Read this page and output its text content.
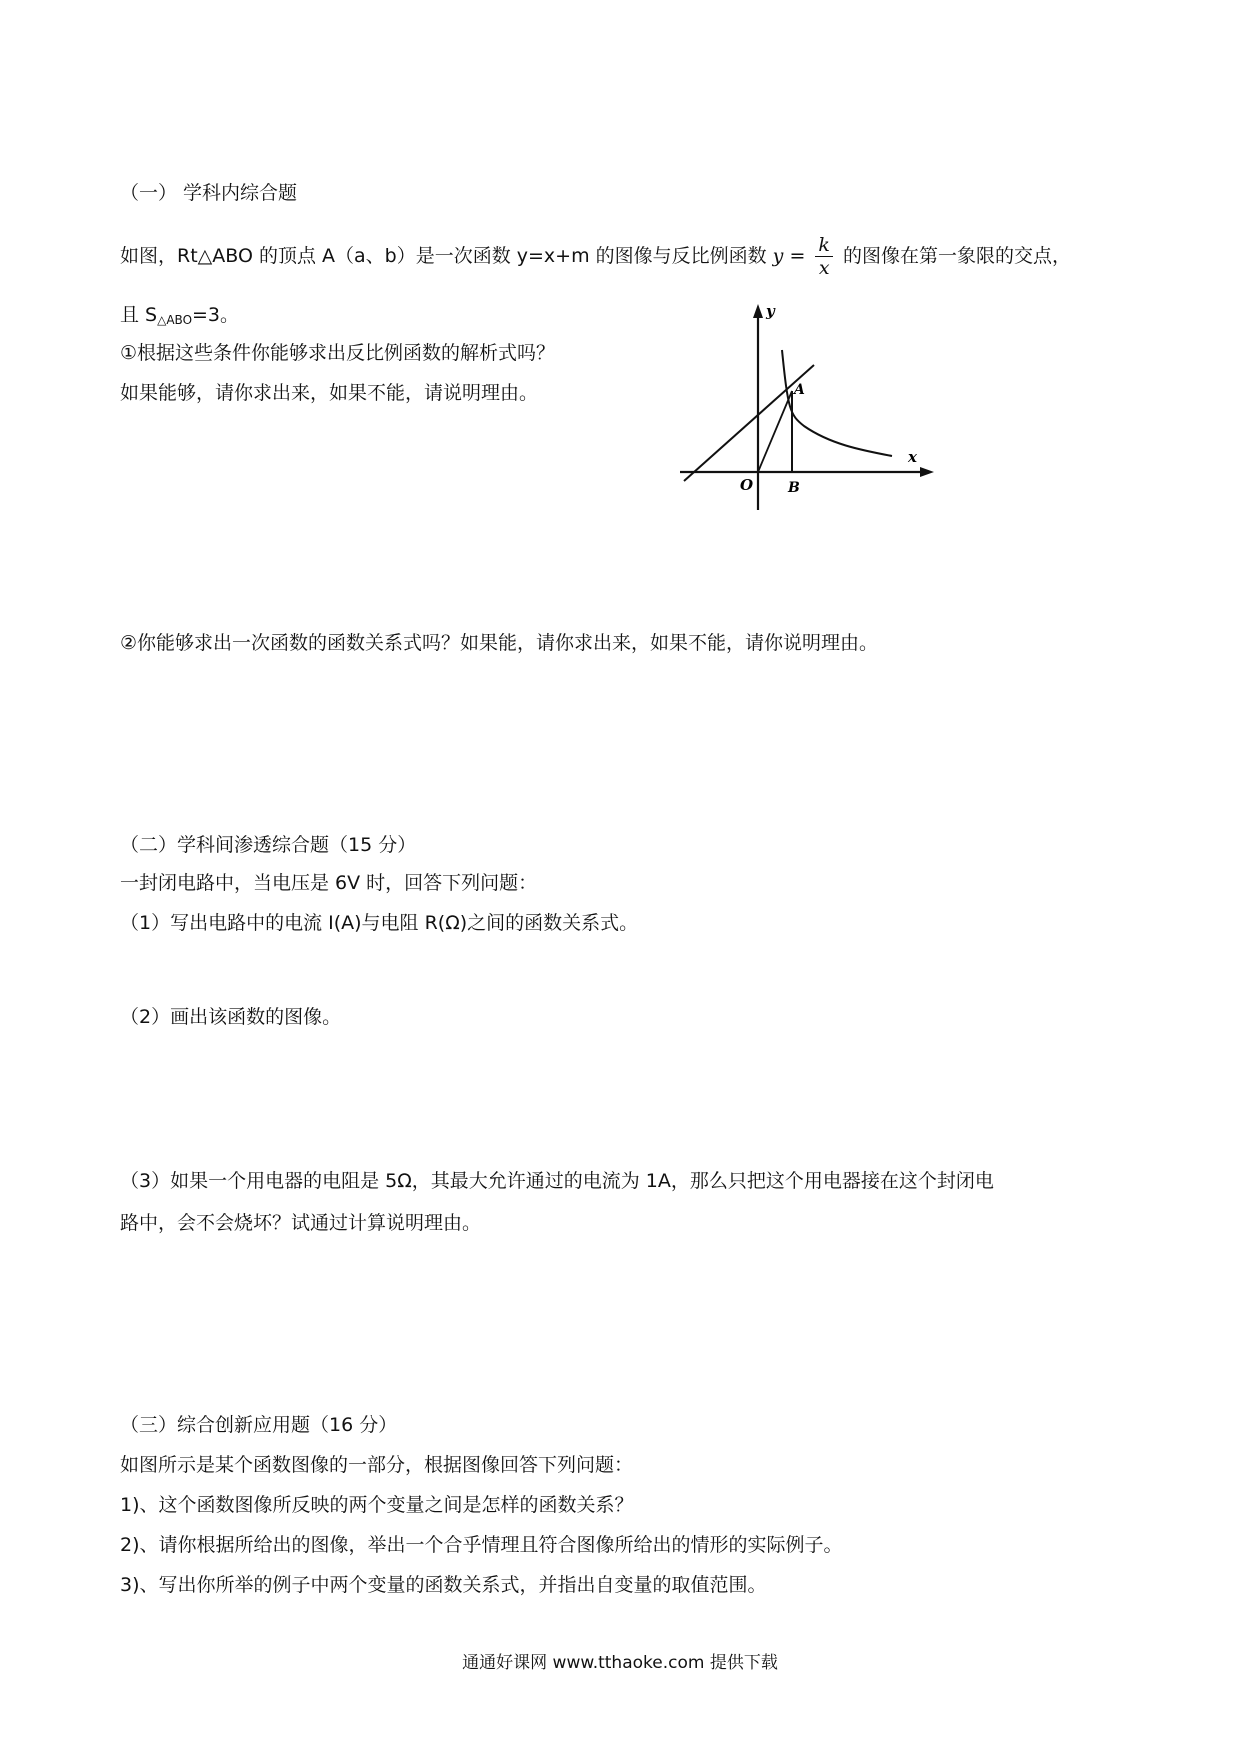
（一） 学科内综合题
如图，Rt△ABO 的顶点 A（a、b）是一次函数 y=x+m 的图像与反比例函数 $y = \frac{k}{x}$ 的图像在第一象限的交点，
且 $S_{\triangle ABO}=3$。
①根据这些条件你能够求出反比例函数的解析式吗？
如果能够，请你求出来，如果不能，请说明理由。
y
x
A
O B
②你能够求出一次函数的函数关系式吗？如果能，请你求出来，如果不能，请你说明理由。
（二）学科间渗透综合题（15 分）
一封闭电路中，当电压是 6V 时，回答下列问题：
（1）写出电路中的电流 I(A)与电阻 R(Ω)之间的函数关系式。
（2）画出该函数的图像。
（3）如果一个用电器的电阻是 5Ω，其最大允许通过的电流为 1A，那么只把这个用电器接在这个封闭电
路中，会不会烧坏？试通过计算说明理由。
（三）综合创新应用题（16 分）
如图所示是某个函数图像的一部分，根据图像回答下列问题：
1)、这个函数图像所反映的两个变量之间是怎样的函数关系？
2)、请你根据所给出的图像，举出一个合乎情理且符合图像所给出的情形的实际例子。
3)、写出你所举的例子中两个变量的函数关系式，并指出自变量的取值范围。
通通好课网 www.tthaoke.com 提供下载
